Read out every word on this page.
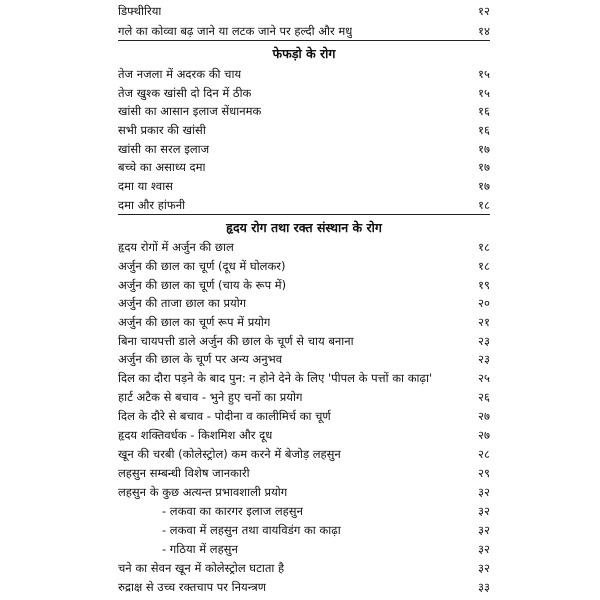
डिफ्थीरिया	१२
गले का कोव्वा बढ़ जाने या लटक जाने पर हल्दी और मधु	१४
फेफड़ो के रोग
तेज नजला में अदरक की चाय	१५
तेज खुश्क खांसी दो दिन में ठीक	१५
खांसी का आसान इलाज सेंधानमक	१६
सभी प्रकार की खांसी	१६
खांसी का सरल इलाज	१७
बच्चे का असाध्य दमा	१७
दमा या श्वास	१७
दमा और हांफनी	१८
हृदय रोग तथा रक्त संस्थान के रोग
हृदय रोगों में अर्जुन की छाल	१८
अर्जुन की छाल का चूर्ण (दूध में घोलकर)	१८
अर्जुन की छाल का चूर्ण (चाय के रूप में)	१९
अर्जुन की ताजा छाल का प्रयोग	२०
अर्जुन की छाल का चूर्ण रूप में प्रयोग	२१
बिना चायपत्ती डाले अर्जुन की छाल के चूर्ण से चाय बनाना	२३
अर्जुन की छाल के चूर्ण पर अन्य अनुभव	२३
दिल का दौरा पड़ने के बाद पुन: न होने देने के लिए 'पीपल के पत्तों का काढ़ा'	२५
हार्ट अटैक से बचाव - भुने हुए चनों का प्रयोग	२६
दिल के दौरे से बचाव - पोदीना व कालीमिर्च का चूर्ण	२७
हृदय शक्तिवर्धक - किशमिश और दूध	२७
खून की चरबी (कोलेस्ट्रोल) कम करने में बेजोड़ लहसुन	२८
लहसुन सम्बन्धी विशेष जानकारी	२९
लहसुन के कुछ अत्यन्त प्रभावशाली प्रयोग	३२
- लकवा का कारगर इलाज लहसुन	३२
- लकवा में लहसुन तथा वायविडंग का काढ़ा	३२
- गठिया में लहसुन	३२
चने का सेवन खून में कोलेस्ट्रोल घटाता है	३२
रुद्राक्ष से उच्च रक्तचाप पर नियन्त्रण	३३
